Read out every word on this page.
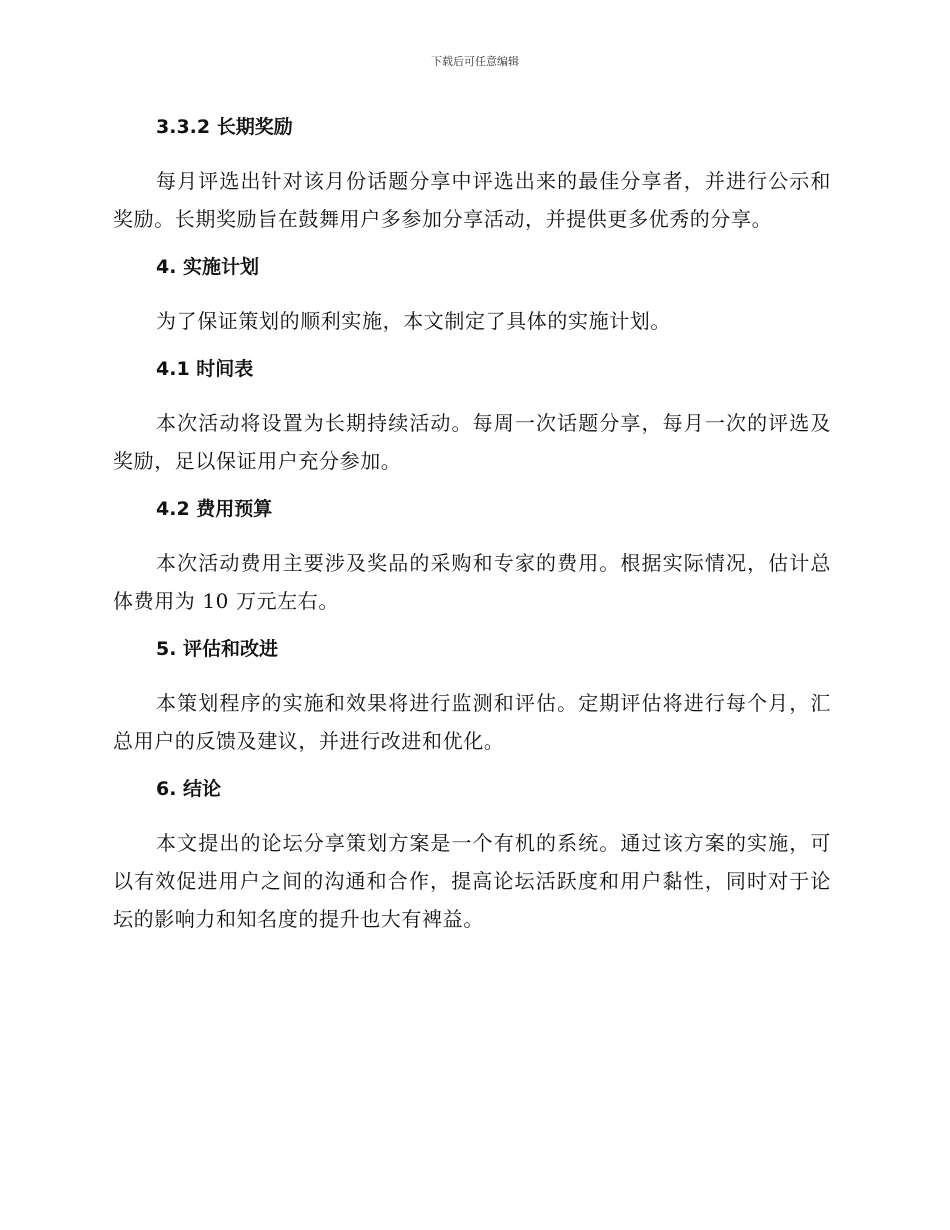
下载后可任意编辑
3.3.2 长期奖励

每月评选出针对该月份话题分享中评选出来的最佳分享者，并进行公示和奖励。长期奖励旨在鼓舞用户多参加分享活动，并提供更多优秀的分享。

4. 实施计划

为了保证策划的顺利实施，本文制定了具体的实施计划。

4.1 时间表

本次活动将设置为长期持续活动。每周一次话题分享，每月一次的评选及奖励，足以保证用户充分参加。

4.2 费用预算

本次活动费用主要涉及奖品的采购和专家的费用。根据实际情况，估计总体费用为 10 万元左右。

5. 评估和改进

本策划程序的实施和效果将进行监测和评估。定期评估将进行每个月，汇总用户的反馈及建议，并进行改进和优化。

6. 结论

本文提出的论坛分享策划方案是一个有机的系统。通过该方案的实施，可以有效促进用户之间的沟通和合作，提高论坛活跃度和用户黏性，同时对于论坛的影响力和知名度的提升也大有裨益。
